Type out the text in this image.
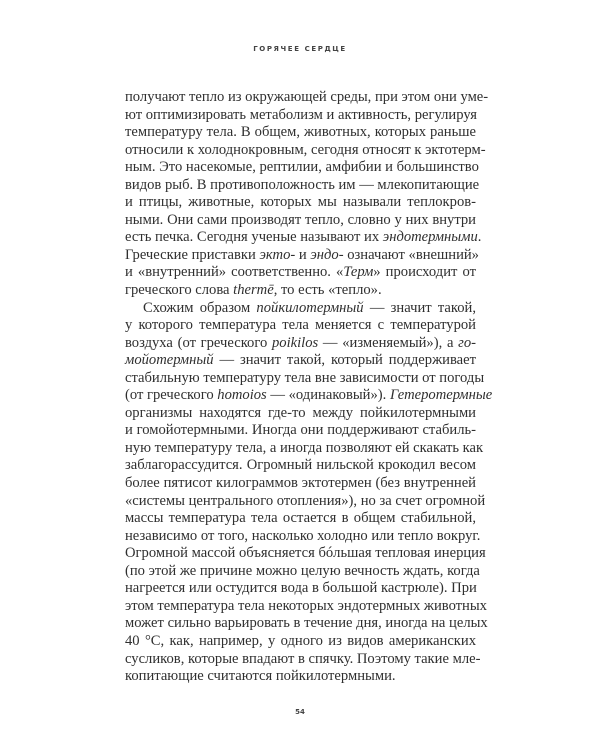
ГОРЯЧЕЕ СЕРДЦЕ
получают тепло из окружающей среды, при этом они уме-
ют оптимизировать метаболизм и активность, регулируя
температуру тела. В общем, животных, которых раньше
относили к холоднокровным, сегодня относят к эктотерм-
ным. Это насекомые, рептилии, амфибии и большинство
видов рыб. В противоположность им — млекопитающие
и птицы, животные, которых мы называли теплокров-
ными. Они сами производят тепло, словно у них внутри
есть печка. Сегодня ученые называют их эндотермными.
Греческие приставки экто- и эндо- означают «внешний»
и «внутренний» соответственно. «Терм» происходит от
греческого слова thermē, то есть «тепло».
Схожим образом пойкилотермный — значит такой,
у которого температура тела меняется с температурой
воздуха (от греческого poikilos — «изменяемый»), а го-
мойотермный — значит такой, который поддерживает
стабильную температуру тела вне зависимости от погоды
(от греческого homoios — «одинаковый»). Гетеротермные
организмы находятся где-то между пойкилотермными
и гомойотермными. Иногда они поддерживают стабиль-
ную температуру тела, а иногда позволяют ей скакать как
заблагорассудится. Огромный нильской крокодил весом
более пятисот килограммов эктотермен (без внутренней
«системы центрального отопления»), но за счет огромной
массы температура тела остается в общем стабильной,
независимо от того, насколько холодно или тепло вокруг.
Огромной массой объясняется бóльшая тепловая инерция
(по этой же причине можно целую вечность ждать, когда
нагреется или остудится вода в большой кастрюле). При
этом температура тела некоторых эндотермных животных
может сильно варьировать в течение дня, иногда на целых
40 °C, как, например, у одного из видов американских
сусликов, которые впадают в спячку. Поэтому такие мле-
копитающие считаются пойкилотермными.
54
